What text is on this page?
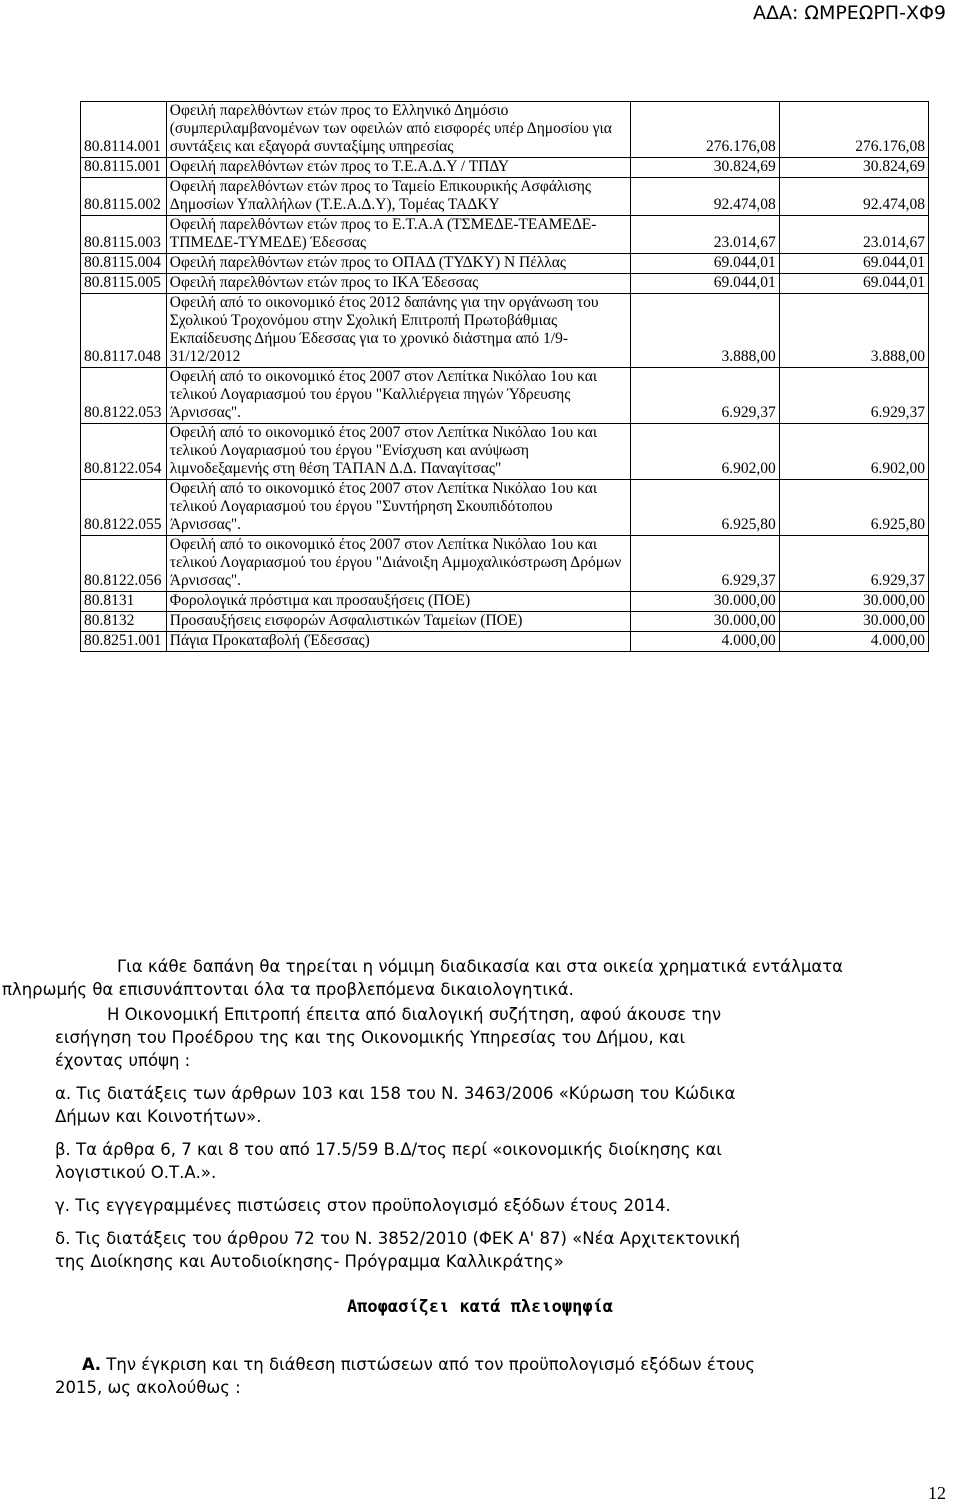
ΑΔΑ: ΩΜΡΕΩΡΠ-ΧΦ9
80.8114.001	Οφειλή παρελθόντων ετών προς το Ελληνικό Δημόσιο (συμπεριλαμβανομένων των οφειλών από εισφορές υπέρ Δημοσίου για συντάξεις και εξαγορά συνταξίμης υπηρεσίας	276.176,08	276.176,08
80.8115.001	Οφειλή παρελθόντων ετών προς το Τ.Ε.Α.Δ.Υ / ΤΠΔΥ	30.824,69	30.824,69
80.8115.002	Οφειλή παρελθόντων ετών προς το Ταμείο Επικουρικής Ασφάλισης Δημοσίων Υπαλλήλων (Τ.Ε.Α.Δ.Υ), Τομέας ΤΑΔΚΥ	92.474,08	92.474,08
80.8115.003	Οφειλή παρελθόντων ετών προς το Ε.Τ.Α.Α (ΤΣΜΕΔΕ-ΤΕΑΜΕΔΕ-ΤΠΜΕΔΕ-ΤΥΜΕΔΕ) Έδεσσας	23.014,67	23.014,67
80.8115.004	Οφειλή παρελθόντων ετών προς το ΟΠΑΔ (ΤΥΔΚΥ) Ν Πέλλας	69.044,01	69.044,01
80.8115.005	Οφειλή παρελθόντων ετών προς το ΙΚΑ Έδεσσας	69.044,01	69.044,01
80.8117.048	Οφειλή από το οικονομικό έτος 2012 δαπάνης για την οργάνωση του Σχολικού Τροχονόμου στην Σχολική Επιτροπή Πρωτοβάθμιας Εκπαίδευσης Δήμου Έδεσσας για το χρονικό διάστημα από 1/9-31/12/2012	3.888,00	3.888,00
80.8122.053	Οφειλή από το οικονομικό έτος 2007 στον Λεπίτκα Νικόλαο 1ου και τελικού Λογαριασμού του έργου "Καλλιέργεια πηγών Ύδρευσης Άρνισσας".	6.929,37	6.929,37
80.8122.054	Οφειλή από το οικονομικό έτος 2007 στον Λεπίτκα Νικόλαο 1ου και τελικού Λογαριασμού του έργου "Ενίσχυση και ανύψωση λιμνοδεξαμενής στη θέση ΤΑΠΑΝ Δ.Δ. Παναγίτσας"	6.902,00	6.902,00
80.8122.055	Οφειλή από το οικονομικό έτος 2007 στον Λεπίτκα Νικόλαο 1ου και τελικού Λογαριασμού του έργου "Συντήρηση Σκουπιδότοπου Άρνισσας".	6.925,80	6.925,80
80.8122.056	Οφειλή από το οικονομικό έτος 2007 στον Λεπίτκα Νικόλαο 1ου και τελικού Λογαριασμού του έργου "Διάνοιξη Αμμοχαλικόστρωση Δρόμων Άρνισσας".	6.929,37	6.929,37
80.8131	Φορολογικά πρόστιμα και προσαυξήσεις (ΠΟΕ)	30.000,00	30.000,00
80.8132	Προσαυξήσεις εισφορών Ασφαλιστικών Ταμείων (ΠΟΕ)	30.000,00	30.000,00
80.8251.001	Πάγια Προκαταβολή (Έδεσσας)	4.000,00	4.000,00

Για κάθε δαπάνη θα τηρείται η νόμιμη διαδικασία και στα οικεία χρηματικά εντάλματα

πληρωμής θα επισυνάπτονται όλα τα προβλεπόμενα δικαιολογητικά.

Η Οικονομική Επιτροπή έπειτα από διαλογική συζήτηση, αφού άκουσε την

εισήγηση του Προέδρου της και της Οικονομικής Υπηρεσίας του Δήμου, και

έχοντας υπόψη :

α. Τις διατάξεις των άρθρων 103 και 158 του Ν. 3463/2006 «Κύρωση του Κώδικα

Δήμων και Κοινοτήτων».

β. Τα άρθρα 6, 7 και 8 του από 17.5/59 Β.Δ/τος περί «οικονομικής διοίκησης και

λογιστικού Ο.Τ.Α.».

γ. Τις εγγεγραμμένες πιστώσεις στον προϋπολογισμό εξόδων έτους 2014.

δ. Τις διατάξεις του άρθρου 72 του Ν. 3852/2010 (ΦΕΚ Α' 87) «Νέα Αρχιτεκτονική

της Διοίκησης και Αυτοδιοίκησης- Πρόγραμμα Καλλικράτης»

Αποφασίζει κατά πλειοψηφία

Α. Την έγκριση και τη διάθεση πιστώσεων από τον προϋπολογισμό εξόδων έτους

2015, ως ακολούθως :

12
